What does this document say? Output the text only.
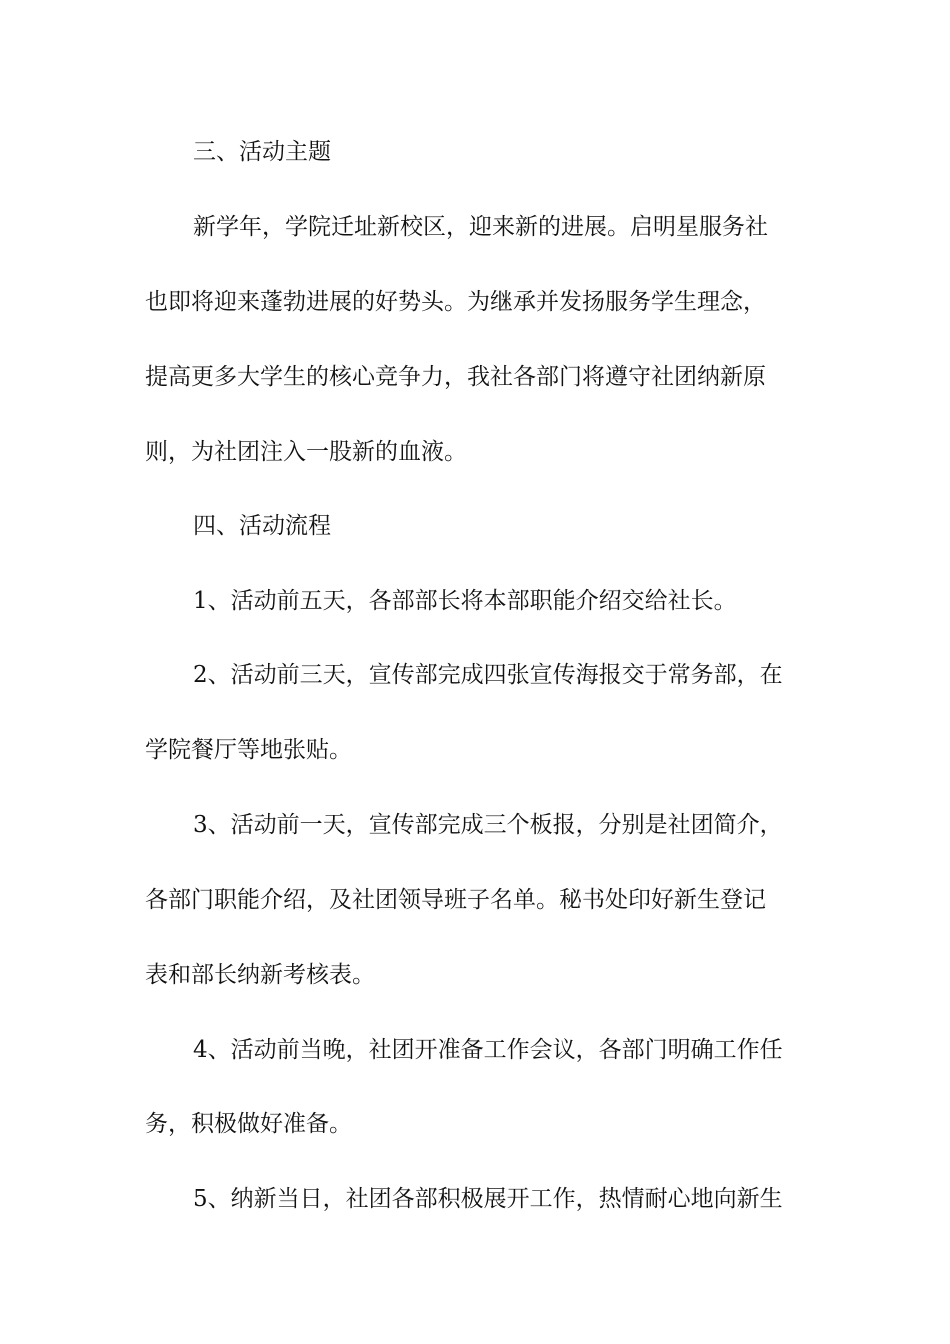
三、活动主题
新学年，学院迁址新校区，迎来新的进展。启明星服务社
也即将迎来蓬勃进展的好势头。为继承并发扬服务学生理念，
提高更多大学生的核心竞争力，我社各部门将遵守社团纳新原
则，为社团注入一股新的血液。
四、活动流程
1、活动前五天，各部部长将本部职能介绍交给社长。
2、活动前三天，宣传部完成四张宣传海报交于常务部，在
学院餐厅等地张贴。
3、活动前一天，宣传部完成三个板报，分别是社团简介，
各部门职能介绍，及社团领导班子名单。秘书处印好新生登记
表和部长纳新考核表。
4、活动前当晚，社团开准备工作会议，各部门明确工作任
务，积极做好准备。
5、纳新当日，社团各部积极展开工作，热情耐心地向新生
